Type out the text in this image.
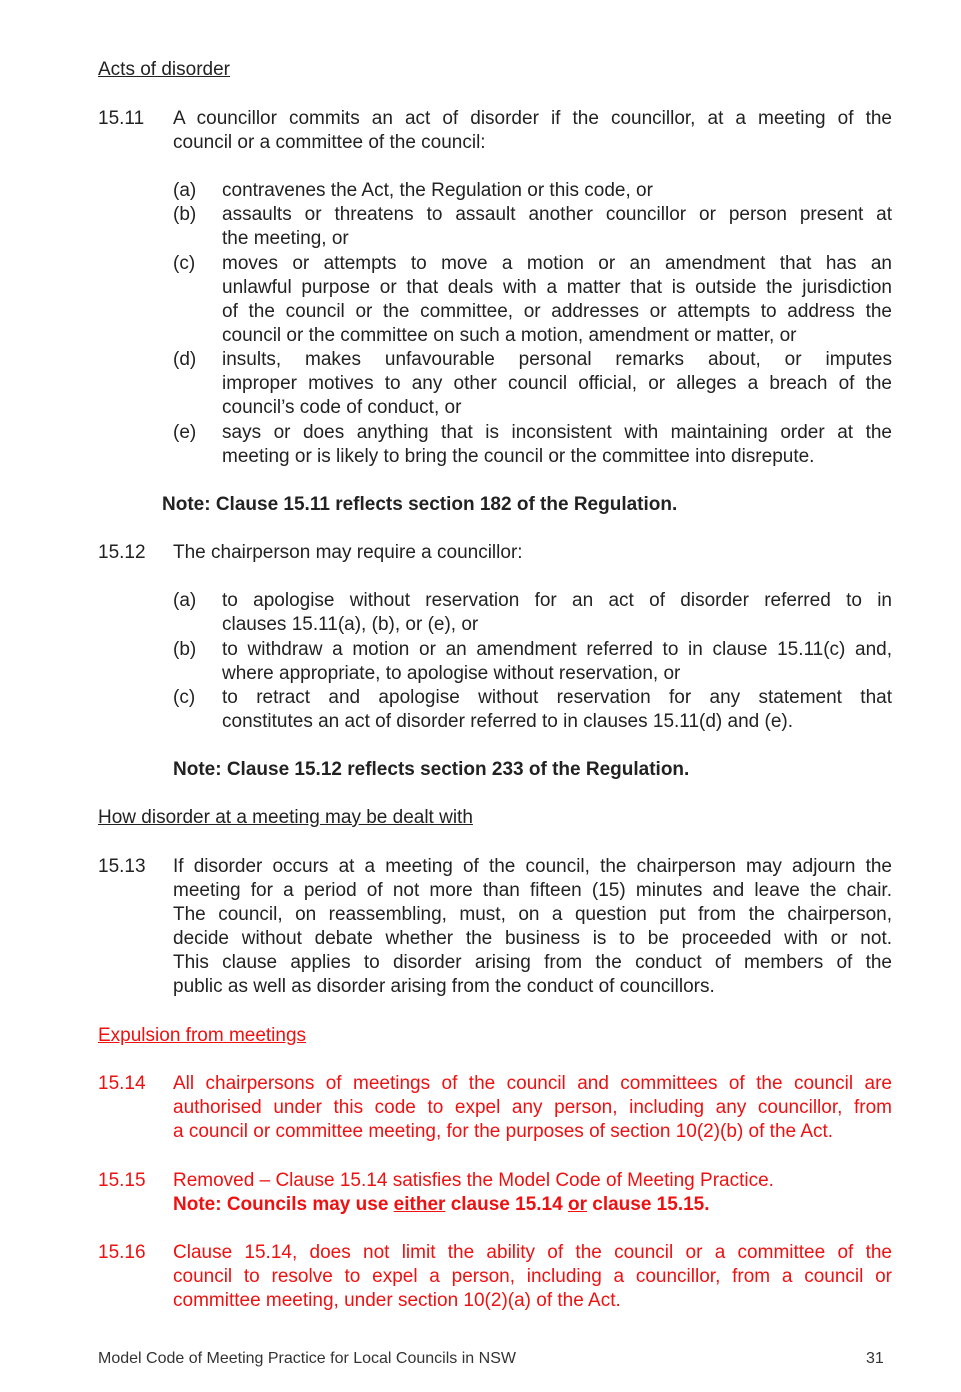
Acts of disorder
15.11 A councillor commits an act of disorder if the councillor, at a meeting of the
council or a committee of the council:
(a) contravenes the Act, the Regulation or this code, or
(b) assaults or threatens to assault another councillor or person present at
the meeting, or
(c) moves or attempts to move a motion or an amendment that has an
unlawful purpose or that deals with a matter that is outside the jurisdiction
of the council or the committee, or addresses or attempts to address the
council or the committee on such a motion, amendment or matter, or
(d) insults, makes unfavourable personal remarks about, or imputes
improper motives to any other council official, or alleges a breach of the
council’s code of conduct, or
(e) says or does anything that is inconsistent with maintaining order at the
meeting or is likely to bring the council or the committee into disrepute.
Note: Clause 15.11 reflects section 182 of the Regulation.
15.12 The chairperson may require a councillor:
(a) to apologise without reservation for an act of disorder referred to in
clauses 15.11(a), (b), or (e), or
(b) to withdraw a motion or an amendment referred to in clause 15.11(c) and,
where appropriate, to apologise without reservation, or
(c) to retract and apologise without reservation for any statement that
constitutes an act of disorder referred to in clauses 15.11(d) and (e).
Note: Clause 15.12 reflects section 233 of the Regulation.
How disorder at a meeting may be dealt with
15.13 If disorder occurs at a meeting of the council, the chairperson may adjourn the
meeting for a period of not more than fifteen (15) minutes and leave the chair.
The council, on reassembling, must, on a question put from the chairperson,
decide without debate whether the business is to be proceeded with or not.
This clause applies to disorder arising from the conduct of members of the
public as well as disorder arising from the conduct of councillors.
Expulsion from meetings
15.14 All chairpersons of meetings of the council and committees of the council are
authorised under this code to expel any person, including any councillor, from
a council or committee meeting, for the purposes of section 10(2)(b) of the Act.
15.15 Removed – Clause 15.14 satisfies the Model Code of Meeting Practice.
Note: Councils may use either clause 15.14 or clause 15.15.
15.16 Clause 15.14, does not limit the ability of the council or a committee of the
council to resolve to expel a person, including a councillor, from a council or
committee meeting, under section 10(2)(a) of the Act.
Model Code of Meeting Practice for Local Councils in NSW	31
